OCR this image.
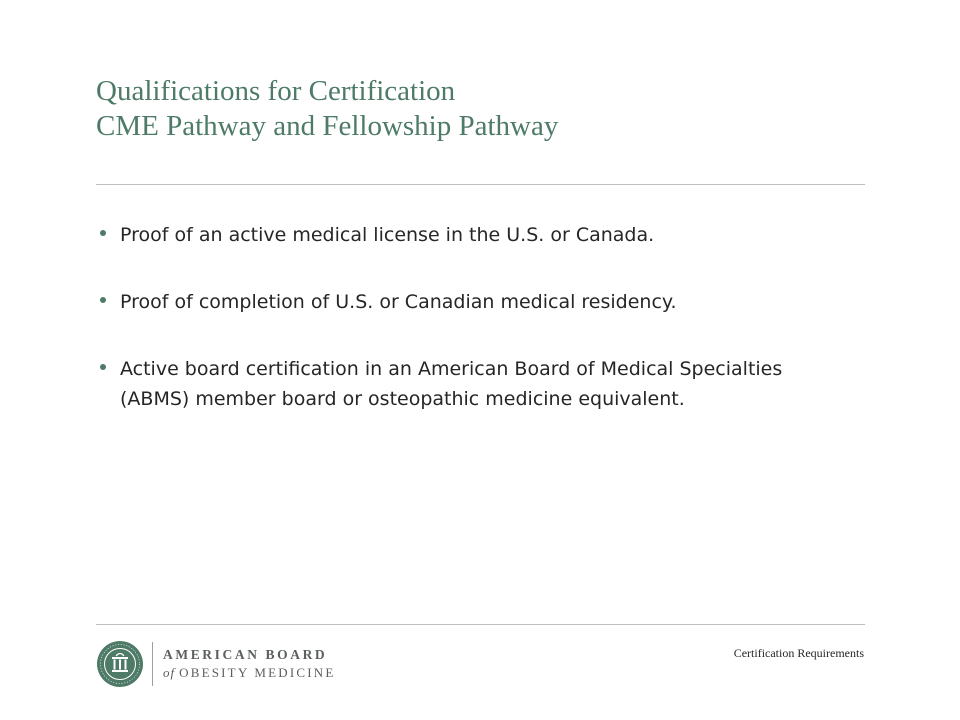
Qualifications for Certification
CME Pathway and Fellowship Pathway
Proof of an active medical license in the U.S. or Canada.
Proof of completion of U.S. or Canadian medical residency.
Active board certification in an American Board of Medical Specialties (ABMS) member board or osteopathic medicine equivalent.
AMERICAN BOARD
of OBESITY MEDICINE
Certification Requirements
